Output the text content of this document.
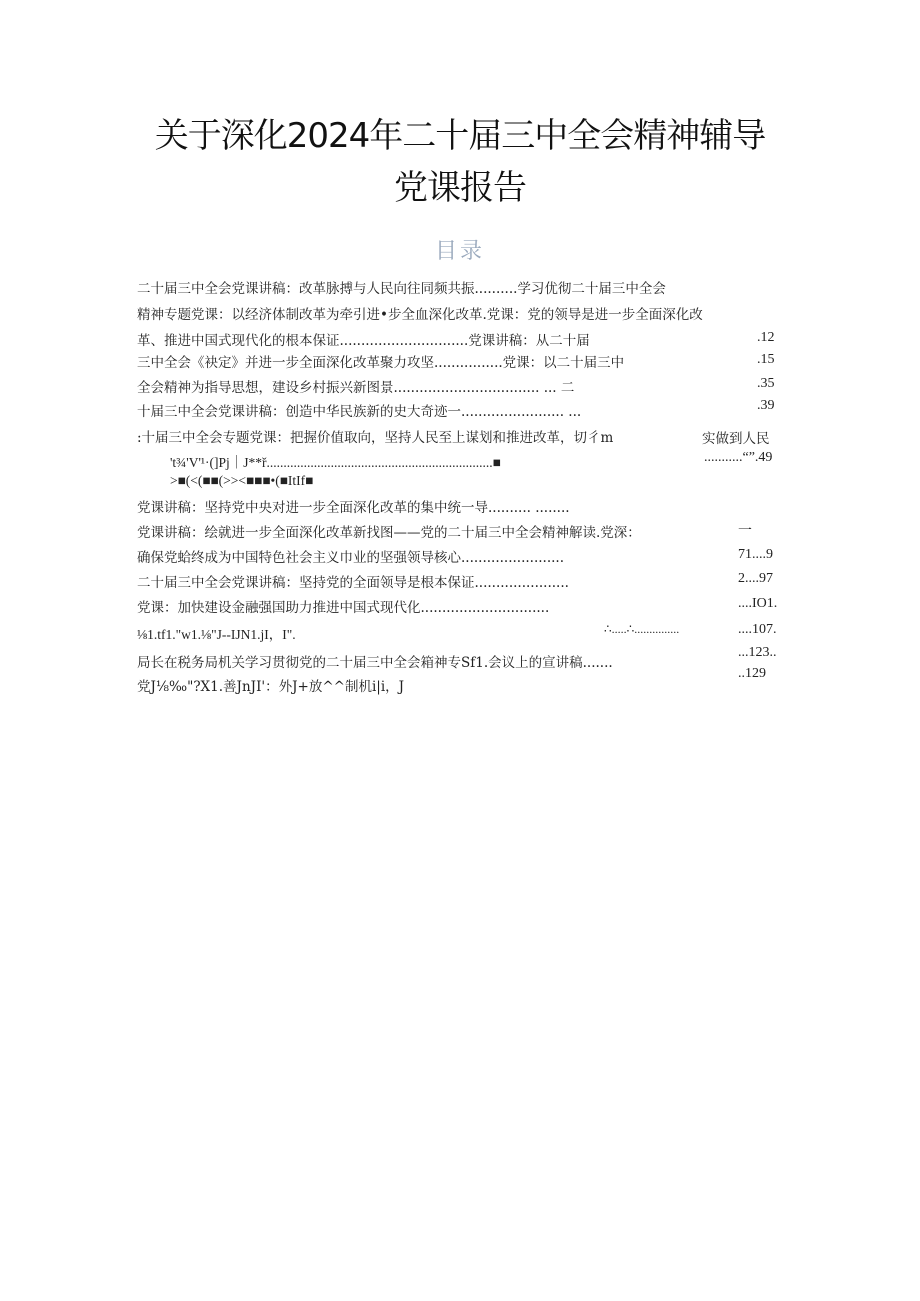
关于深化2024年二十届三中全会精神辅导
党课报告
目录
二十届三中全会党课讲稿：改革脉搏与人民向往同频共振..........学习优彻二十届三中全会
精神专题党课：以经济体制改革为牵引进•步全血深化改革.党课：党的领导是进一步全面深化改
革、推进中国式现代化的根本保证..............................党课讲稿：从二十届
三中全会《袂定》并进一步全面深化改革聚力攻坚................党课：以二十届三中
全会精神为指导思想，建设乡村振兴新图景.................................. ... 二
十届三中全会党课讲稿：创造中华民族新的史大奇迹一........................ ...
:十届三中全会专题党课：把握价值取向，坚持人民至上谋划和推进改革，切彳m
't¾'V'¹·(]Pj｜J**ř...................................................................■
>■(<(■■(>><■■■•(■ItIf■
党课讲稿：坚持党中央对进一步全面深化改革的集中统一导.......... ........
党课讲稿：绘就进一步全面深化改革新找图——党的二十届三中全会精神解读.党深：
确保党蛤终成为中国特色社会主义巾业的坚强领导核心........................
二十届三中全会党课讲稿：坚持党的全面领导是根本保证......................
党课：加快建设金融强国助力推进中国式现代化..............................
⅛1.tf1."w1.⅛"J--IJN1.jI，I".
局长在税务局机关学习贯彻党的二十届三中全会箱神专Sf1.会议上的宣讲稿.......
党J⅛‰"?X1.善JnJI'：外J+放^^制机i|i，J
.12
.15
.35
.39
实做到人民
...........“”.49
一
71....9
2....97
....IO1.
∴.....∴...............	....107.
...123..
..129
